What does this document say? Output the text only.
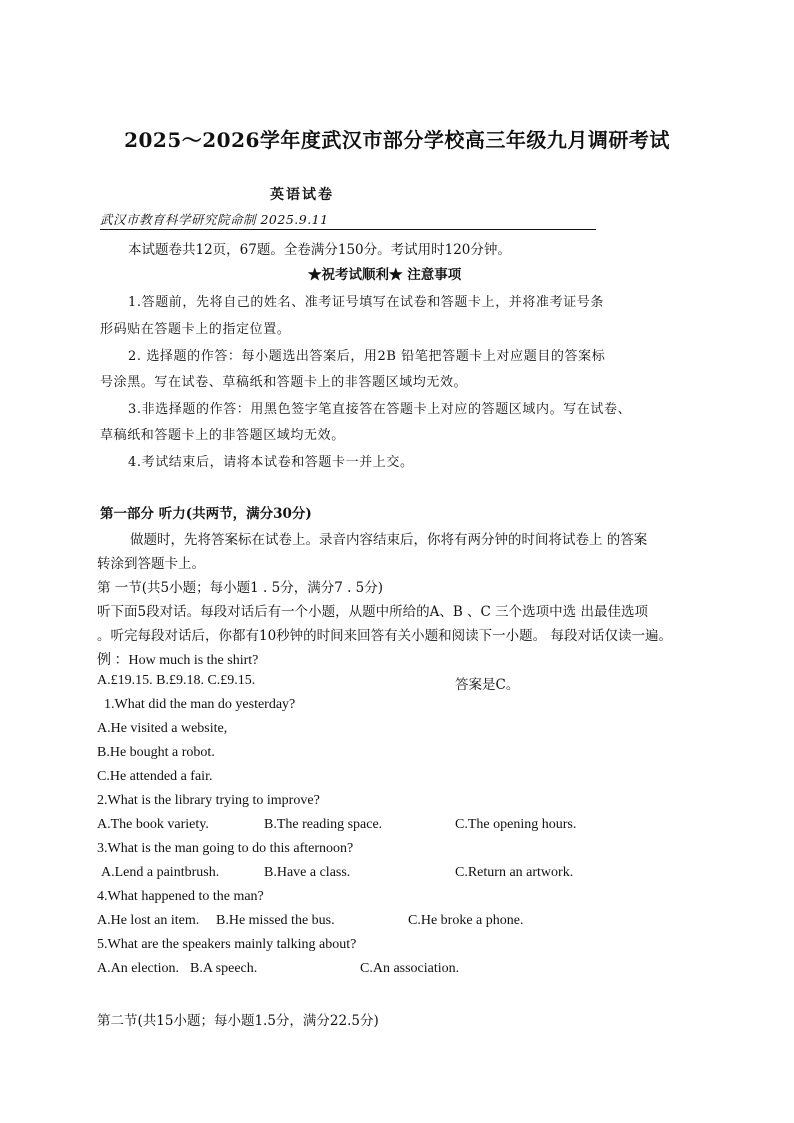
2025～2026学年度武汉市部分学校高三年级九月调研考试
英语试卷
武汉市教育科学研究院命制 2025.9.11
本试题卷共12页，67题。全卷满分150分。考试用时120分钟。
★祝考试顺利★ 注意事项
1.答题前，先将自己的姓名、准考证号填写在试卷和答题卡上，并将准考证号条
形码贴在答题卡上的指定位置。
2. 选择题的作答：每小题选出答案后，用2B 铅笔把答题卡上对应题目的答案标
号涂黑。写在试卷、草稿纸和答题卡上的非答题区域均无效。
3.非选择题的作答：用黑色签字笔直接答在答题卡上对应的答题区域内。写在试卷、
草稿纸和答题卡上的非答题区域均无效。
4.考试结束后，请将本试卷和答题卡一并上交。
第一部分 听力(共两节，满分30分)
做题时，先将答案标在试卷上。录音内容结束后，你将有两分钟的时间将试卷上 的答案
转涂到答题卡上。
第 一节(共5小题；每小题1 . 5分，满分7 . 5分)
听下面5段对话。每段对话后有一个小题，从题中所给的A、B 、C 三个选项中选 出最佳选项
。听完每段对话后，你都有10秒钟的时间来回答有关小题和阅读下一小题。 每段对话仅读一遍。
例 ：How much is the shirt?
A.£19.15. B.£9.18. C.£9.15.	答案是C。
1.What did the man do yesterday?
A.He visited a website,
B.He bought a robot.
C.He attended a fair.
2.What is the library trying to improve?
A.The book variety.	B.The reading space.	C.The opening hours.
3.What is the man going to do this afternoon?
A.Lend a paintbrush.	B.Have a class.	C.Return an artwork.
4.What happened to the man?
A.He lost an item. B.He missed the bus.	C.He broke a phone.
5.What are the speakers mainly talking about?
A.An election. B.A speech.	C.An association.
第二节(共15小题；每小题1.5分，满分22.5分)
